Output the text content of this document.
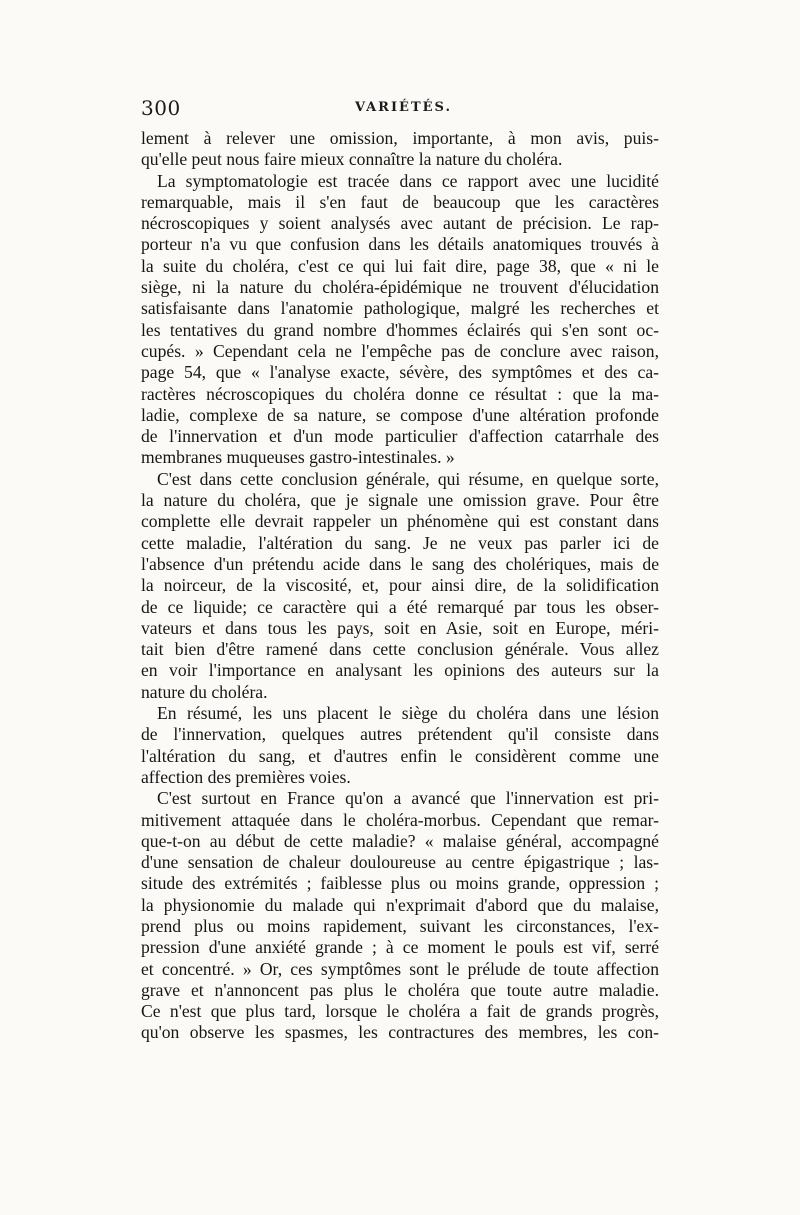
300	VARIÉTÉS.
lement à relever une omission, importante, à mon avis, puis-
qu'elle peut nous faire mieux connaître la nature du choléra.
La symptomatologie est tracée dans ce rapport avec une lucidité
remarquable, mais il s'en faut de beaucoup que les caractères
nécroscopiques y soient analysés avec autant de précision. Le rap-
porteur n'a vu que confusion dans les détails anatomiques trouvés à
la suite du choléra, c'est ce qui lui fait dire, page 38, que « ni le
siège, ni la nature du choléra-épidémique ne trouvent d'élucidation
satisfaisante dans l'anatomie pathologique, malgré les recherches et
les tentatives du grand nombre d'hommes éclairés qui s'en sont oc-
cupés. » Cependant cela ne l'empêche pas de conclure avec raison,
page 54, que « l'analyse exacte, sévère, des symptômes et des ca-
ractères nécroscopiques du choléra donne ce résultat : que la ma-
ladie, complexe de sa nature, se compose d'une altération profonde
de l'innervation et d'un mode particulier d'affection catarrhale des
membranes muqueuses gastro-intestinales. »
C'est dans cette conclusion générale, qui résume, en quelque sorte,
la nature du choléra, que je signale une omission grave. Pour être
complette elle devrait rappeler un phénomène qui est constant dans
cette maladie, l'altération du sang. Je ne veux pas parler ici de
l'absence d'un prétendu acide dans le sang des cholériques, mais de
la noirceur, de la viscosité, et, pour ainsi dire, de la solidification
de ce liquide; ce caractère qui a été remarqué par tous les obser-
vateurs et dans tous les pays, soit en Asie, soit en Europe, méri-
tait bien d'être ramené dans cette conclusion générale. Vous allez
en voir l'importance en analysant les opinions des auteurs sur la
nature du choléra.
En résumé, les uns placent le siège du choléra dans une lésion
de l'innervation, quelques autres prétendent qu'il consiste dans
l'altération du sang, et d'autres enfin le considèrent comme une
affection des premières voies.
C'est surtout en France qu'on a avancé que l'innervation est pri-
mitivement attaquée dans le choléra-morbus. Cependant que remar-
que-t-on au début de cette maladie? « malaise général, accompagné
d'une sensation de chaleur douloureuse au centre épigastrique ; las-
situde des extrémités ; faiblesse plus ou moins grande, oppression ;
la physionomie du malade qui n'exprimait d'abord que du malaise,
prend plus ou moins rapidement, suivant les circonstances, l'ex-
pression d'une anxiété grande ; à ce moment le pouls est vif, serré
et concentré. » Or, ces symptômes sont le prélude de toute affection
grave et n'annoncent pas plus le choléra que toute autre maladie.
Ce n'est que plus tard, lorsque le choléra a fait de grands progrès,
qu'on observe les spasmes, les contractures des membres, les con-
